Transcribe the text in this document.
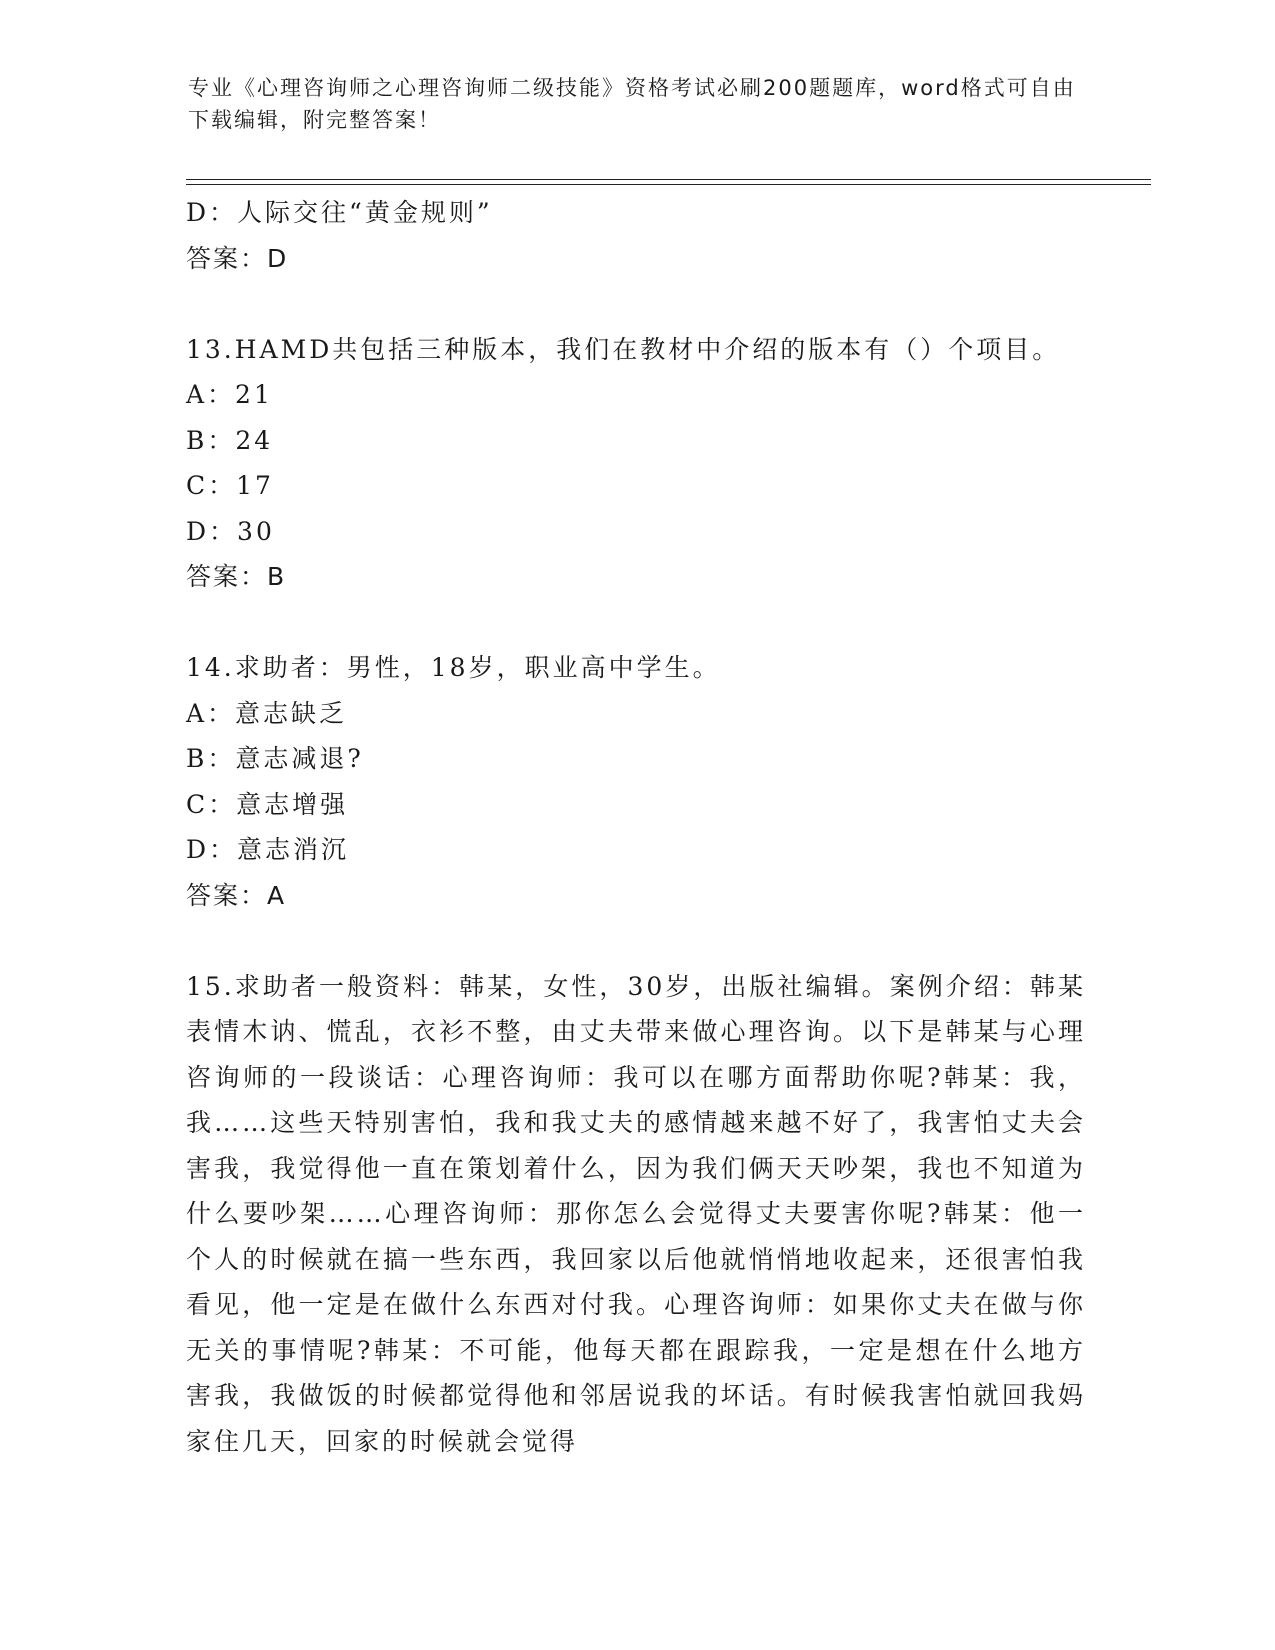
专业《心理咨询师之心理咨询师二级技能》资格考试必刷200题题库，word格式可自由下载编辑，附完整答案！
D：人际交往“黄金规则”
答案：D
13.HAMD共包括三种版本，我们在教材中介绍的版本有（）个项目。
A：21
B：24
C：17
D：30
答案：B
14.求助者：男性，18岁，职业高中学生。
A：意志缺乏
B：意志减退?
C：意志增强
D：意志消沉
答案：A
15.求助者一般资料：韩某，女性，30岁，出版社编辑。案例介绍：韩某表情木讷、慌乱，衣衫不整，由丈夫带来做心理咨询。以下是韩某与心理咨询师的一段谈话：心理咨询师：我可以在哪方面帮助你呢?韩某：我，我……这些天特别害怕，我和我丈夫的感情越来越不好了，我害怕丈夫会害我，我觉得他一直在策划着什么，因为我们俩天天吵架，我也不知道为什么要吵架……心理咨询师：那你怎么会觉得丈夫要害你呢?韩某：他一个人的时候就在搞一些东西，我回家以后他就悄悄地收起来，还很害怕我看见，他一定是在做什么东西对付我。心理咨询师：如果你丈夫在做与你无关的事情呢?韩某：不可能，他每天都在跟踪我，一定是想在什么地方害我，我做饭的时候都觉得他和邻居说我的坏话。有时候我害怕就回我妈家住几天，回家的时候就会觉得
